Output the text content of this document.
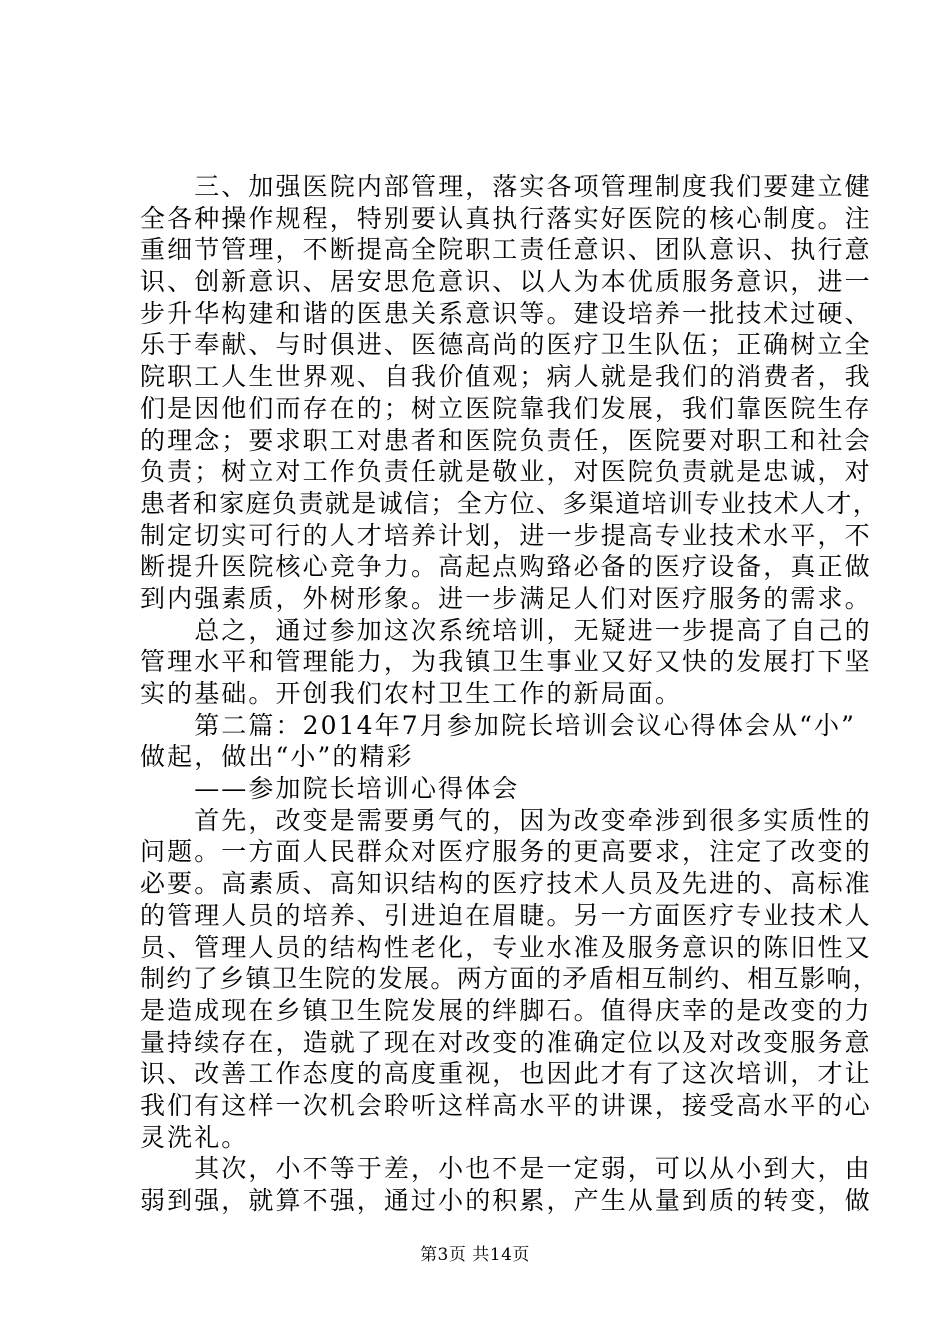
　　三、加强医院内部管理，落实各项管理制度我们要建立健
全各种操作规程，特别要认真执行落实好医院的核心制度。注
重细节管理，不断提高全院职工责任意识、团队意识、执行意
识、创新意识、居安思危意识、以人为本优质服务意识，进一
步升华构建和谐的医患关系意识等。建设培养一批技术过硬、
乐于奉献、与时俱进、医德高尚的医疗卫生队伍；正确树立全
院职工人生世界观、自我价值观；病人就是我们的消费者，我
们是因他们而存在的；树立医院靠我们发展，我们靠医院生存
的理念；要求职工对患者和医院负责任，医院要对职工和社会
负责；树立对工作负责任就是敬业，对医院负责就是忠诚，对
患者和家庭负责就是诚信；全方位、多渠道培训专业技术人才，
制定切实可行的人才培养计划，进一步提高专业技术水平，不
断提升医院核心竞争力。高起点购臵必备的医疗设备，真正做
到内强素质，外树形象。进一步满足人们对医疗服务的需求。
　　总之，通过参加这次系统培训，无疑进一步提高了自己的
管理水平和管理能力，为我镇卫生事业又好又快的发展打下坚
实的基础。开创我们农村卫生工作的新局面。
　　第二篇：2014年7月参加院长培训会议心得体会从“小”
做起，做出“小”的精彩
　　——参加院长培训心得体会
　　首先，改变是需要勇气的，因为改变牵涉到很多实质性的
问题。一方面人民群众对医疗服务的更高要求，注定了改变的
必要。高素质、高知识结构的医疗技术人员及先进的、高标准
的管理人员的培养、引进迫在眉睫。另一方面医疗专业技术人
员、管理人员的结构性老化，专业水准及服务意识的陈旧性又
制约了乡镇卫生院的发展。两方面的矛盾相互制约、相互影响，
是造成现在乡镇卫生院发展的绊脚石。值得庆幸的是改变的力
量持续存在，造就了现在对改变的准确定位以及对改变服务意
识、改善工作态度的高度重视，也因此才有了这次培训，才让
我们有这样一次机会聆听这样高水平的讲课，接受高水平的心
灵洗礼。
　　其次，小不等于差，小也不是一定弱，可以从小到大，由
弱到强，就算不强，通过小的积累，产生从量到质的转变，做
第3页 共14页
